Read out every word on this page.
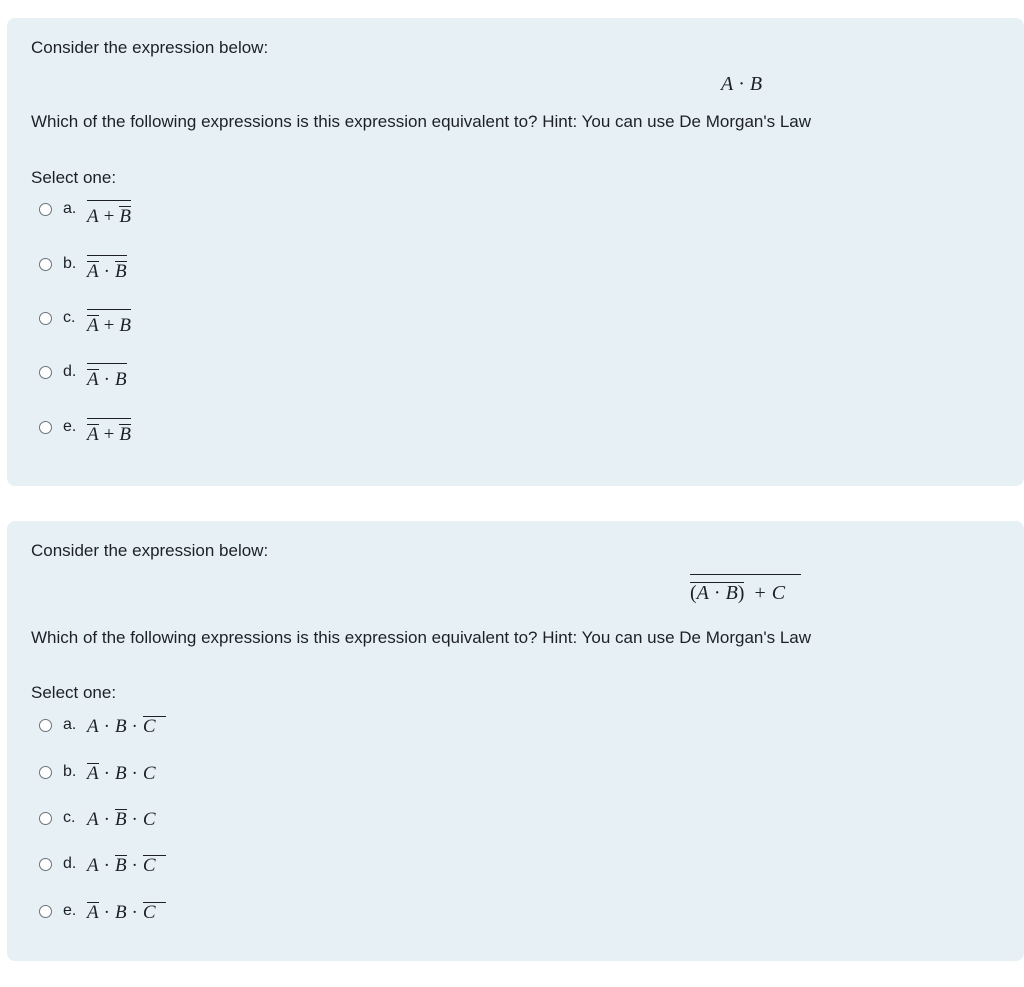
Consider the expression below:

A · B

Which of the following expressions is this expression equivalent to? Hint: You can use De Morgan's Law

Select one:

a. A + B
b. A · B
c. A + B
d. A · B
e. A + B

Consider the expression below:

(A · B) + C

Which of the following expressions is this expression equivalent to? Hint: You can use De Morgan's Law

Select one:

a. A · B · C
b. A · B · C
c. A · B · C
d. A · B · C
e. A · B · C
